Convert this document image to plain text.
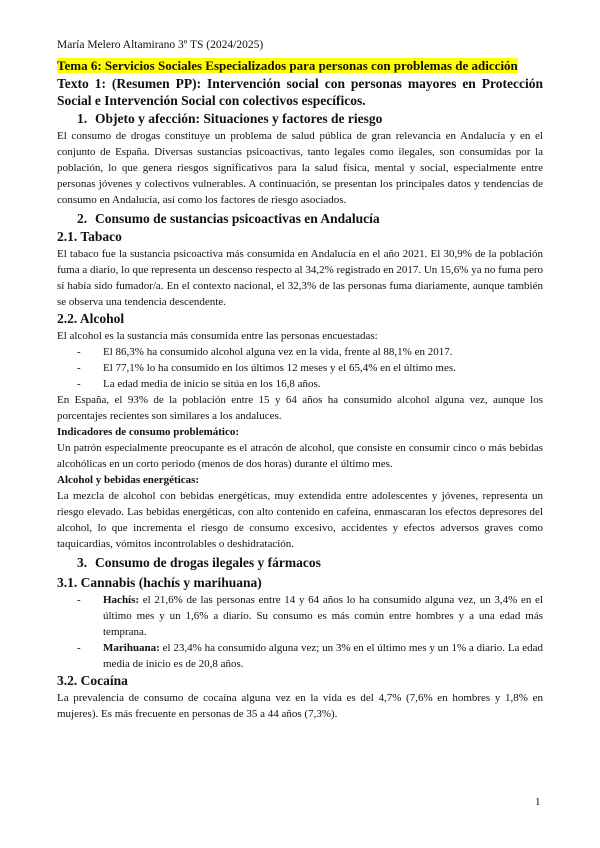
María Melero Altamirano 3º TS (2024/2025)
Tema 6: Servicios Sociales Especializados para personas con problemas de adicción
Texto 1: (Resumen PP): Intervención social con personas mayores en Protección Social e Intervención Social con colectivos específicos.
1. Objeto y afección: Situaciones y factores de riesgo

El consumo de drogas constituye un problema de salud pública de gran relevancia en Andalucía y en el conjunto de España. Diversas sustancias psicoactivas, tanto legales como ilegales, son consumidas por la población, lo que genera riesgos significativos para la salud física, mental y social, especialmente entre personas jóvenes y colectivos vulnerables. A continuación, se presentan los principales datos y tendencias de consumo en Andalucía, así como los factores de riesgo asociados.

2. Consumo de sustancias psicoactivas en Andalucía
2.1. Tabaco

El tabaco fue la sustancia psicoactiva más consumida en Andalucía en el año 2021. El 30,9% de la población fuma a diario, lo que representa un descenso respecto al 34,2% registrado en 2017. Un 15,6% ya no fuma pero sí había sido fumador/a. En el contexto nacional, el 32,3% de las personas fuma diariamente, aunque también se observa una tendencia descendente.

2.2. Alcohol

El alcohol es la sustancia más consumida entre las personas encuestadas:

- El 86,3% ha consumido alcohol alguna vez en la vida, frente al 88,1% en 2017.
- El 77,1% lo ha consumido en los últimos 12 meses y el 65,4% en el último mes.
- La edad media de inicio se sitúa en los 16,8 años.

En España, el 93% de la población entre 15 y 64 años ha consumido alcohol alguna vez, aunque los porcentajes recientes son similares a los andaluces.

Indicadores de consumo problemático:

Un patrón especialmente preocupante es el atracón de alcohol, que consiste en consumir cinco o más bebidas alcohólicas en un corto periodo (menos de dos horas) durante el último mes.

Alcohol y bebidas energéticas:

La mezcla de alcohol con bebidas energéticas, muy extendida entre adolescentes y jóvenes, representa un riesgo elevado. Las bebidas energéticas, con alto contenido en cafeína, enmascaran los efectos depresores del alcohol, lo que incrementa el riesgo de consumo excesivo, accidentes y efectos adversos graves como taquicardias, vómitos incontrolables o deshidratación.

3. Consumo de drogas ilegales y fármacos
3.1. Cannabis (hachís y marihuana)
- Hachís: el 21,6% de las personas entre 14 y 64 años lo ha consumido alguna vez, un 3,4% en el último mes y un 1,6% a diario. Su consumo es más común entre hombres y a una edad más temprana.
- Marihuana: el 23,4% ha consumido alguna vez; un 3% en el último mes y un 1% a diario. La edad media de inicio es de 20,8 años.
3.2. Cocaína

La prevalencia de consumo de cocaína alguna vez en la vida es del 4,7% (7,6% en hombres y 1,8% en mujeres). Es más frecuente en personas de 35 a 44 años (7,3%).

1
